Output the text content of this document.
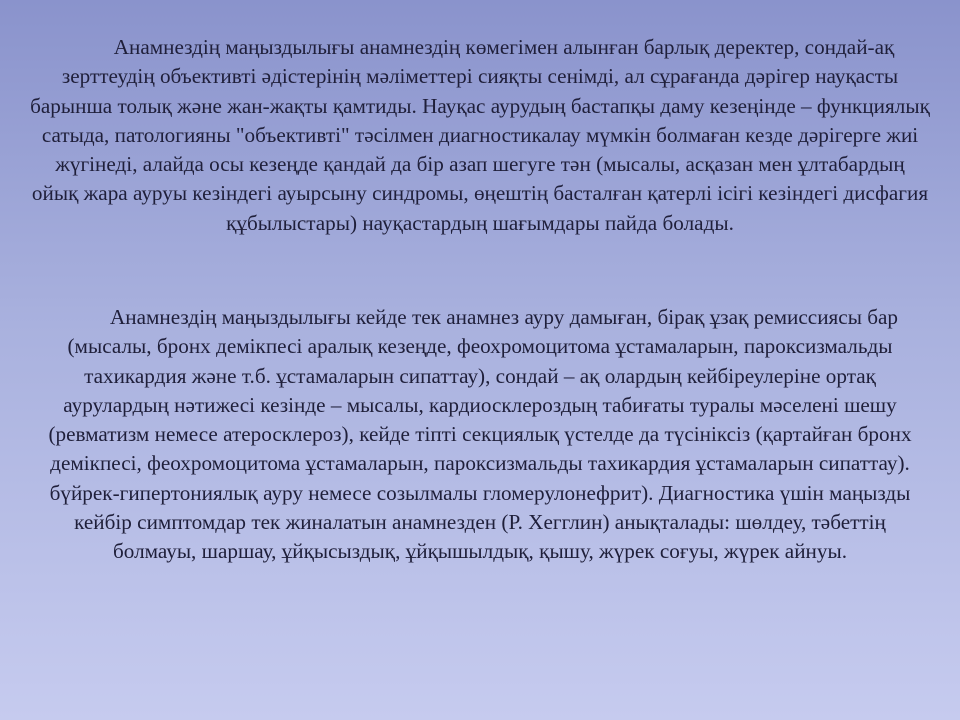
Анамнездің маңыздылығы анамнездің көмегімен алынған барлық деректер, сондай-ақ зерттеудің объективті әдістерінің мәліметтері сияқты сенімді, ал сұрағанда дәрігер науқасты барынша толық және жан-жақты қамтиды. Науқас аурудың бастапқы даму кезеңінде – функциялық сатыда, патологияны "объективті" тәсілмен диагностикалау мүмкін болмаған кезде дәрігерге жиі жүгінеді, алайда осы кезеңде қандай да бір азап шегуге тән (мысалы, асқазан мен ұлтабардың ойық жара ауруы кезіндегі ауырсыну синдромы, өңештің басталған қатерлі ісігі кезіндегі дисфагия құбылыстары) науқастардың шағымдары пайда болады.

Анамнездің маңыздылығы кейде тек анамнез ауру дамыған, бірақ ұзақ ремиссиясы бар (мысалы, бронх демікпесі аралық кезеңде, феохромоцитома ұстамаларын, пароксизмальды тахикардия және т.б. ұстамаларын сипаттау), сондай – ақ олардың кейбіреулеріне ортақ аурулардың нәтижесі кезінде – мысалы, кардиосклероздың табиғаты туралы мәселені шешу (ревматизм немесе атеросклероз), кейде тіпті секциялық үстелде да түсініксіз (қартайған бронх демікпесі, феохромоцитома ұстамаларын, пароксизмальды тахикардия ұстамаларын сипаттау). бүйрек-гипертониялық ауру немесе созылмалы гломерулонефрит). Диагностика үшін маңызды кейбір симптомдар тек жиналатын анамнезден (Р. Хегглин) анықталады: шөлдеу, тәбеттің болмауы, шаршау, ұйқысыздық, ұйқышылдық, қышу, жүрек соғуы, жүрек айнуы.
